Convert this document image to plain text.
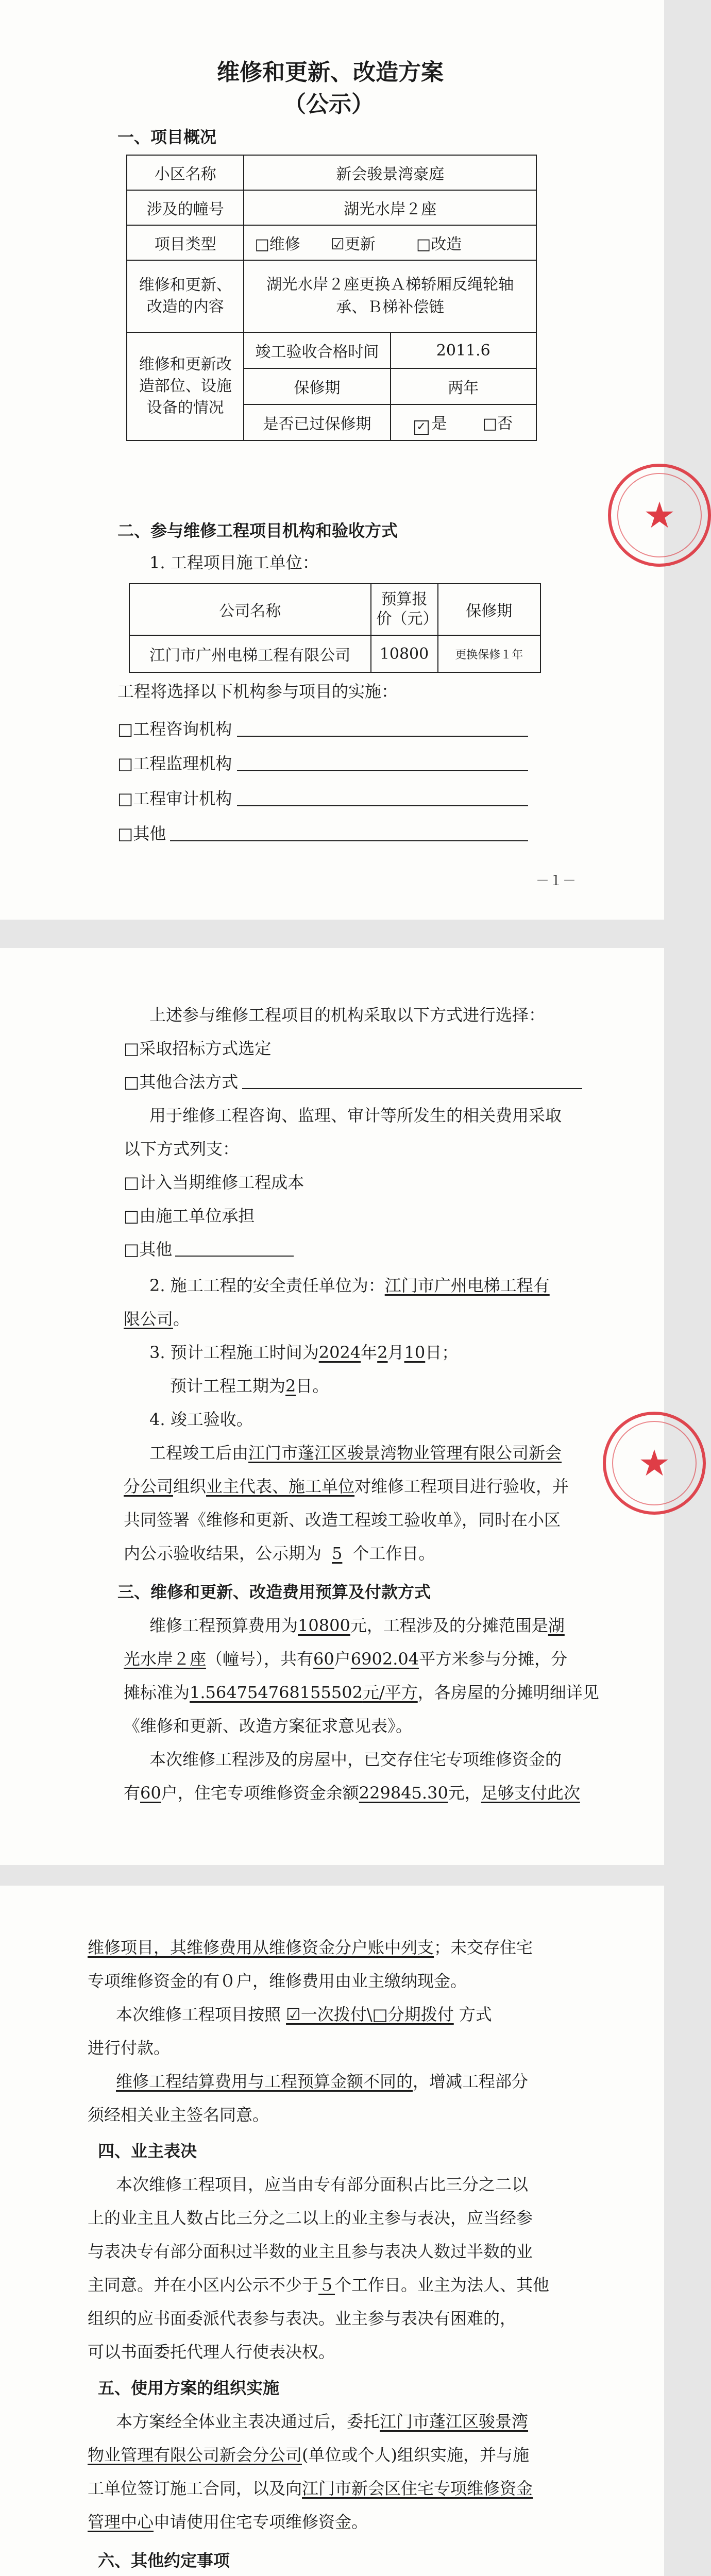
维修和更新、改造方案
（公示）
一、项目概况
小区名称	新会骏景湾豪庭	
涉及的幢号	湖光水岸２座	
项目类型	□维修 ☑更新 □改造	
维修和更新、改造的内容	湖光水岸２座更换Ａ梯轿厢反绳轮轴承、Ｂ梯补偿链	
维修和更新改造部位、设施设备的情况	竣工验收合格时间	2011.6
	保修期	两年
	是否已过保修期	✓ 是 □否
★
二、参与维修工程项目机构和验收方式
1. 工程项目施工单位：
公司名称	预算报价（元）	保修期
江门市广州电梯工程有限公司	10800	更换保修１年
工程将选择以下机构参与项目的实施：
□工程咨询机构
□工程监理机构
□工程审计机构
□其他
－１－
上述参与维修工程项目的机构采取以下方式进行选择：
□采取招标方式选定
□其他合法方式
用于维修工程咨询、监理、审计等所发生的相关费用采取
以下方式列支：
□计入当期维修工程成本
□由施工单位承担
□其他
2. 施工工程的安全责任单位为：江门市广州电梯工程有
限公司。
3. 预计工程施工时间为2024年2月10日；
预计工程工期为2日。
4. 竣工验收。
★
工程竣工后由江门市蓬江区骏景湾物业管理有限公司新会
分公司组织业主代表、施工单位对维修工程项目进行验收，并
共同签署《维修和更新、改造工程竣工验收单》，同时在小区
内公示验收结果，公示期为 5 个工作日。
三、维修和更新、改造费用预算及付款方式
维修工程预算费用为10800元，工程涉及的分摊范围是湖
光水岸２座（幢号），共有60户6902.04平方米参与分摊，分
摊标准为1.564754768155502元/平方，各房屋的分摊明细详见
《维修和更新、改造方案征求意见表》。
本次维修工程涉及的房屋中，已交存住宅专项维修资金的
有60户，住宅专项维修资金余额229845.30元，足够支付此次
维修项目，其维修费用从维修资金分户账中列支；未交存住宅
专项维修资金的有０户，维修费用由业主缴纳现金。
本次维修工程项目按照 ☑一次拨付\□分期拨付 方式
进行付款。
维修工程结算费用与工程预算金额不同的，增减工程部分
须经相关业主签名同意。
四、业主表决
本次维修工程项目，应当由专有部分面积占比三分之二以
上的业主且人数占比三分之二以上的业主参与表决，应当经参
与表决专有部分面积过半数的业主且参与表决人数过半数的业
主同意。并在小区内公示不少于５个工作日。业主为法人、其他
组织的应书面委派代表参与表决。业主参与表决有困难的，
可以书面委托代理人行使表决权。
五、使用方案的组织实施
本方案经全体业主表决通过后，委托江门市蓬江区骏景湾
物业管理有限公司新会分公司(单位或个人)组织实施，并与施
工单位签订施工合同，以及向江门市新会区住宅专项维修资金
管理中心申请使用住宅专项维修资金。
六、其他约定事项
